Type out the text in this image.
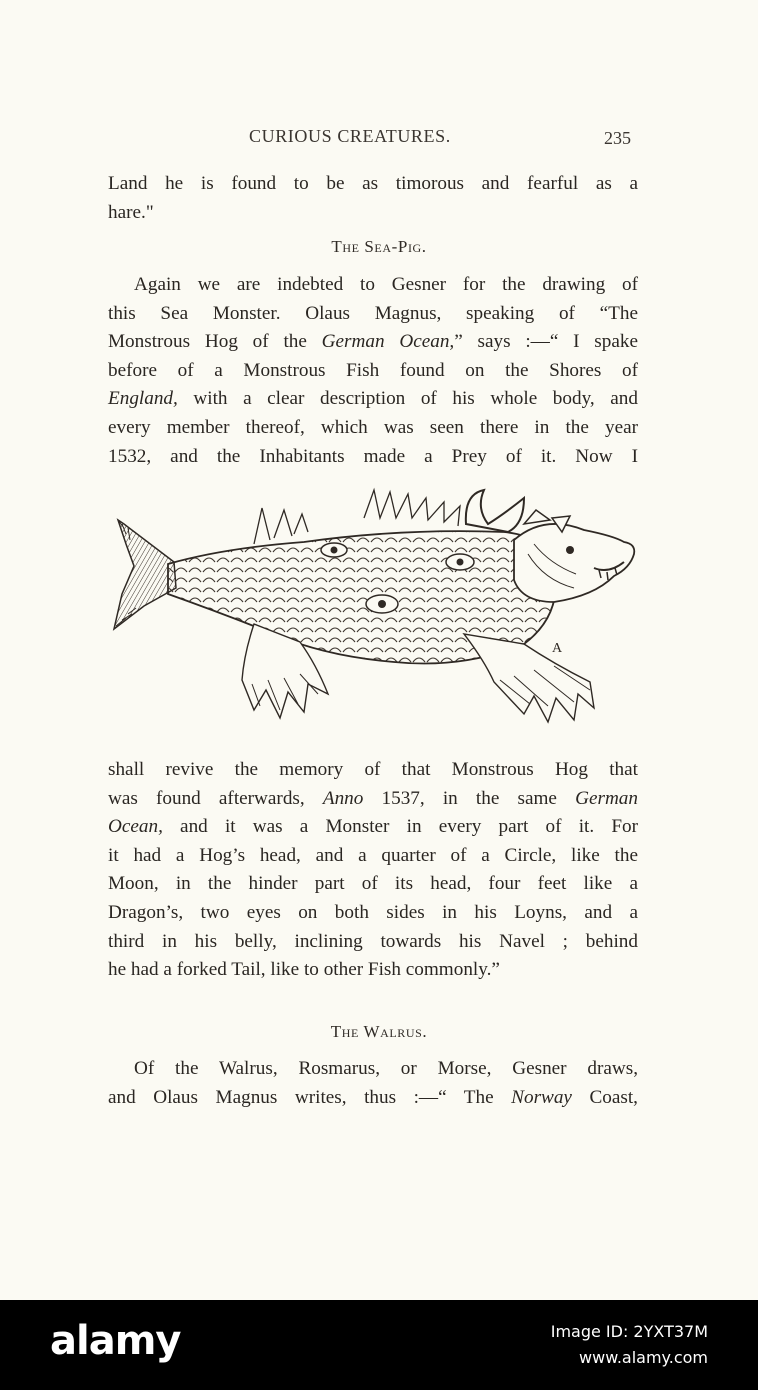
CURIOUS CREATURES.	235
Land he is found to be as timorous and fearful as a
hare."
The Sea-Pig.
Again we are indebted to Gesner for the drawing of
this Sea Monster. Olaus Magnus, speaking of “The
Monstrous Hog of the German Ocean,” says :—“ I spake
before of a Monstrous Fish found on the Shores of
England, with a clear description of his whole body, and
every member thereof, which was seen there in the year
1532, and the Inhabitants made a Prey of it. Now I
A
shall revive the memory of that Monstrous Hog that
was found afterwards, Anno 1537, in the same German
Ocean, and it was a Monster in every part of it. For
it had a Hog’s head, and a quarter of a Circle, like the
Moon, in the hinder part of its head, four feet like a
Dragon’s, two eyes on both sides in his Loyns, and a
third in his belly, inclining towards his Navel ; behind
he had a forked Tail, like to other Fish commonly.”
The Walrus.
Of the Walrus, Rosmarus, or Morse, Gesner draws,
and Olaus Magnus writes, thus :—“ The Norway Coast,
alamy	Image ID: 2YXT37M
www.alamy.com
